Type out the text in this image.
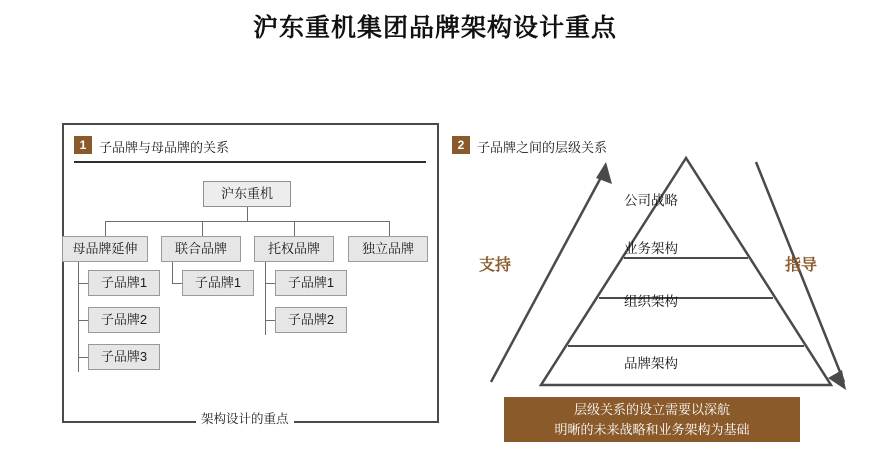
沪东重机集团品牌架构设计重点
1 子品牌与母品牌的关系
沪东重机
母品牌延伸	联合品牌	托权品牌	独立品牌
子品牌1
子品牌2
子品牌3
子品牌1	子品牌1
子品牌2
架构设计的重点
2 子品牌之间的层级关系
公司战略
业务架构
组织架构
品牌架构
支持	指导
层级关系的设立需要以深航
明晰的未来战略和业务架构为基础
